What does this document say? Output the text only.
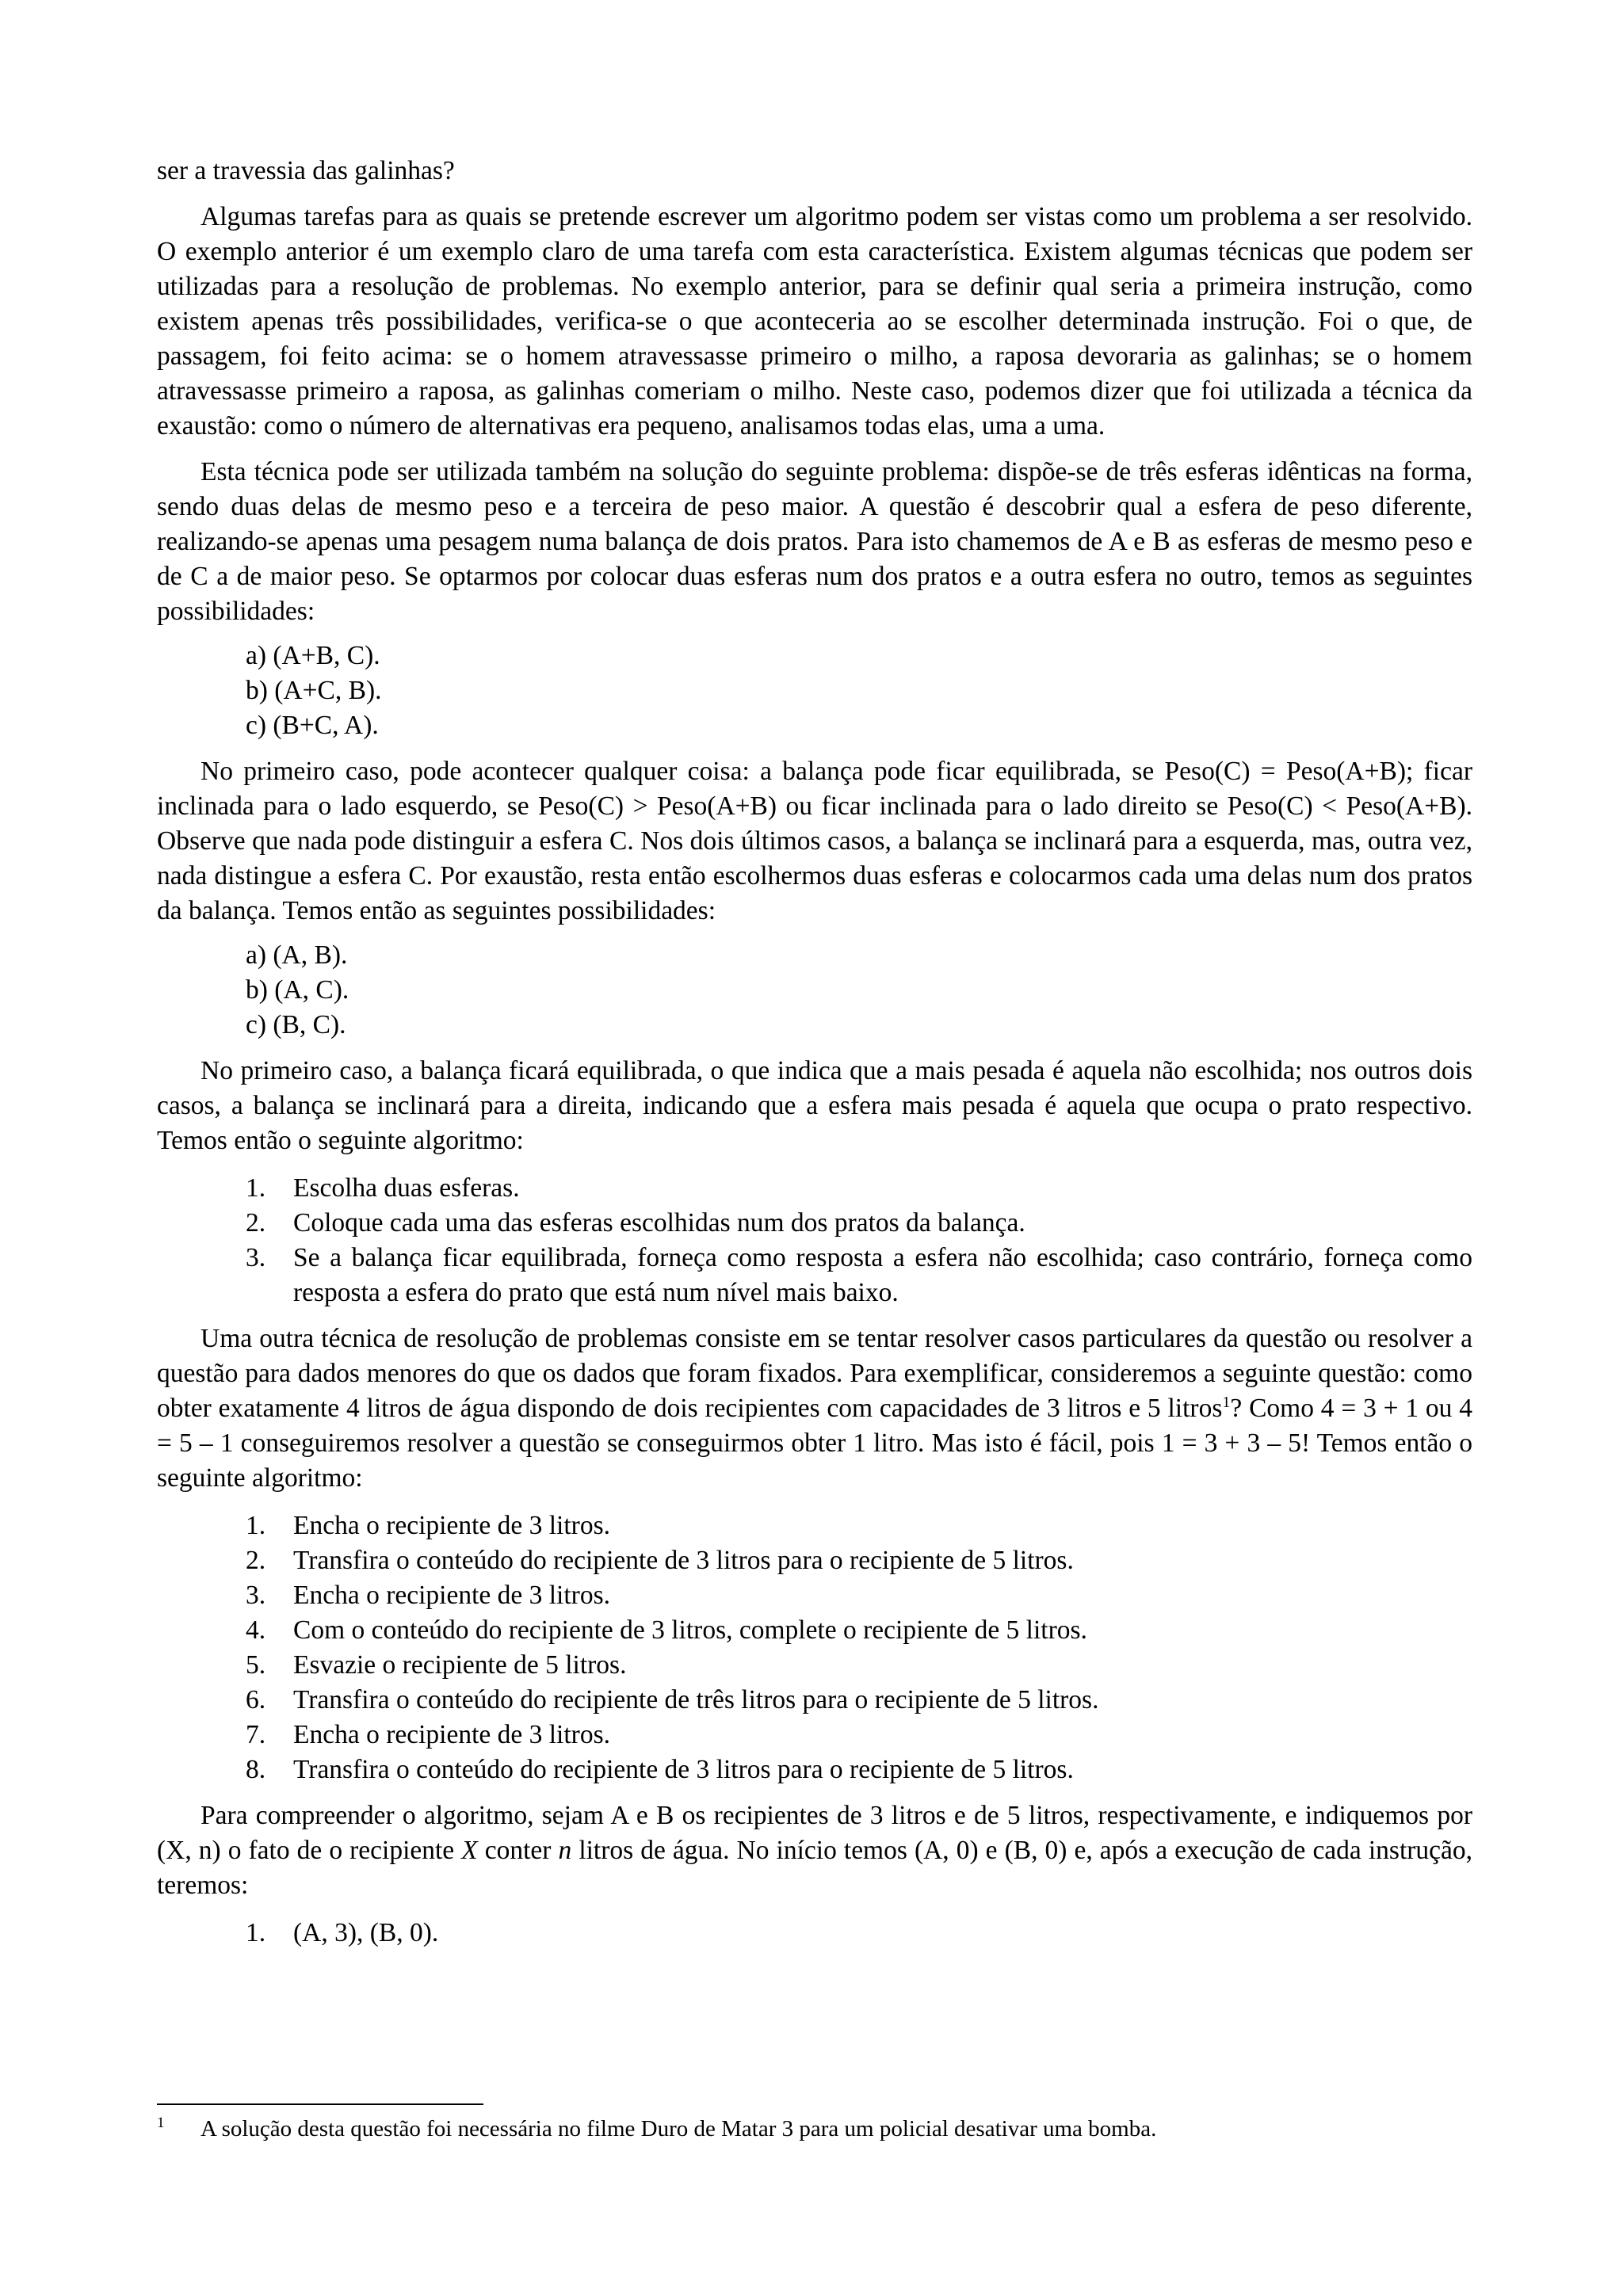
ser a travessia das galinhas?

Algumas tarefas para as quais se pretende escrever um algoritmo podem ser vistas como um problema a ser resolvido. O exemplo anterior é um exemplo claro de uma tarefa com esta característica. Existem algumas técnicas que podem ser utilizadas para a resolução de problemas. No exemplo anterior, para se definir qual seria a primeira instrução, como existem apenas três possibilidades, verifica-se o que aconteceria ao se escolher determinada instrução. Foi o que, de passagem, foi feito acima: se o homem atravessasse primeiro o milho, a raposa devoraria as galinhas; se o homem atravessasse primeiro a raposa, as galinhas comeriam o milho. Neste caso, podemos dizer que foi utilizada a técnica da exaustão: como o número de alternativas era pequeno, analisamos todas elas, uma a uma.

Esta técnica pode ser utilizada também na solução do seguinte problema: dispõe-se de três esferas idênticas na forma, sendo duas delas de mesmo peso e a terceira de peso maior. A questão é descobrir qual a esfera de peso diferente, realizando-se apenas uma pesagem numa balança de dois pratos. Para isto chamemos de A e B as esferas de mesmo peso e de C a de maior peso. Se optarmos por colocar duas esferas num dos pratos e a outra esfera no outro, temos as seguintes possibilidades:

a) (A+B, C).
b) (A+C, B).
c) (B+C, A).

No primeiro caso, pode acontecer qualquer coisa: a balança pode ficar equilibrada, se Peso(C) = Peso(A+B); ficar inclinada para o lado esquerdo, se Peso(C) > Peso(A+B) ou ficar inclinada para o lado direito se Peso(C) < Peso(A+B). Observe que nada pode distinguir a esfera C. Nos dois últimos casos, a balança se inclinará para a esquerda, mas, outra vez, nada distingue a esfera C. Por exaustão, resta então escolhermos duas esferas e colocarmos cada uma delas num dos pratos da balança. Temos então as seguintes possibilidades:

a) (A, B).
b) (A, C).
c) (B, C).

No primeiro caso, a balança ficará equilibrada, o que indica que a mais pesada é aquela não escolhida; nos outros dois casos, a balança se inclinará para a direita, indicando que a esfera mais pesada é aquela que ocupa o prato respectivo. Temos então o seguinte algoritmo:

1.	Escolha duas esferas.
2.	Coloque cada uma das esferas escolhidas num dos pratos da balança.
3.	Se a balança ficar equilibrada, forneça como resposta a esfera não escolhida; caso contrário, forneça como resposta a esfera do prato que está num nível mais baixo.

Uma outra técnica de resolução de problemas consiste em se tentar resolver casos particulares da questão ou resolver a questão para dados menores do que os dados que foram fixados. Para exemplificar, consideremos a seguinte questão: como obter exatamente 4 litros de água dispondo de dois recipientes com capacidades de 3 litros e 5 litros$^1$? Como 4 = 3 + 1 ou 4 = 5 – 1 conseguiremos resolver a questão se conseguirmos obter 1 litro. Mas isto é fácil, pois 1 = 3 + 3 – 5! Temos então o seguinte algoritmo:

1.	Encha o recipiente de 3 litros.
2.	Transfira o conteúdo do recipiente de 3 litros para o recipiente de 5 litros.
3.	Encha o recipiente de 3 litros.
4.	Com o conteúdo do recipiente de 3 litros, complete o recipiente de 5 litros.
5.	Esvazie o recipiente de 5 litros.
6.	Transfira o conteúdo do recipiente de três litros para o recipiente de 5 litros.
7.	Encha o recipiente de 3 litros.
8.	Transfira o conteúdo do recipiente de 3 litros para o recipiente de 5 litros.

Para compreender o algoritmo, sejam A e B os recipientes de 3 litros e de 5 litros, respectivamente, e indiquemos por (X, n) o fato de o recipiente X conter n litros de água. No início temos (A, 0) e (B, 0) e, após a execução de cada instrução, teremos:

1.	(A, 3), (B, 0).
1 A solução desta questão foi necessária no filme Duro de Matar 3 para um policial desativar uma bomba.
